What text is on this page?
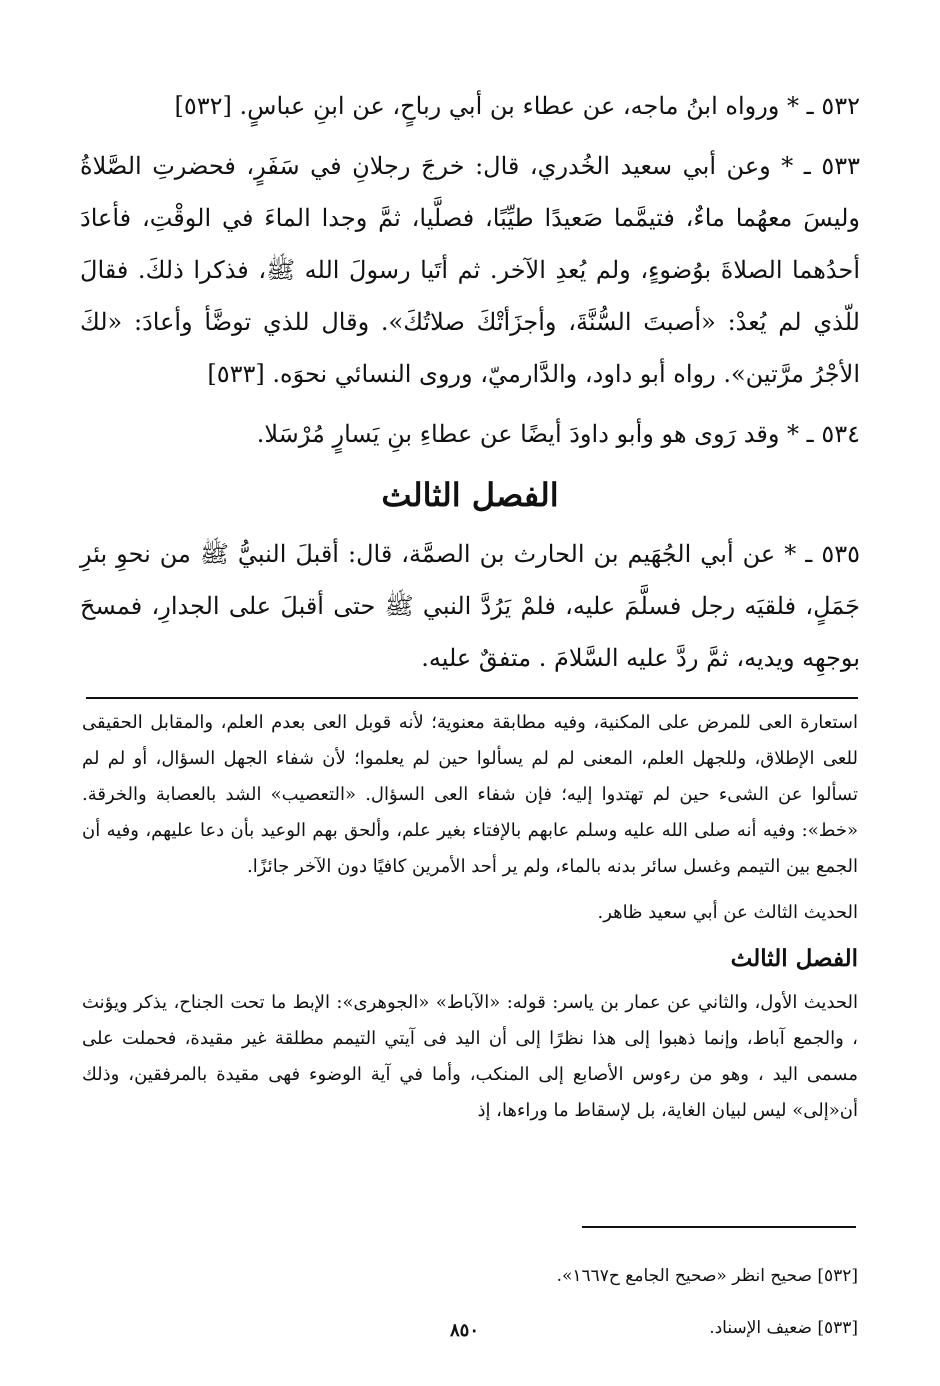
٥٣٢ ـ * ورواه ابنُ ماجه، عن عطاء بن أبي رباحٍ، عن ابنِ عباسٍ. [٥٣٢]

٥٣٣ ـ * وعن أبي سعيد الخُدري، قال: خرجَ رجلانِ في سَفَرٍ، فحضرتِ الصَّلاةُ وليسَ معهُما ماءٌ، فتيمَّما صَعيدًا طيِّبًا، فصلَّيا، ثمَّ وجدا الماءَ في الوقْتِ، فأعادَ أحدُهما الصلاةَ بوُضوءٍ، ولم يُعدِ الآخر. ثم أتَيا رسولَ الله ﷺ، فذكرا ذلكَ. فقالَ للّذي لم يُعدْ: «أصبتَ السُّنَّةَ، وأجزَأتْكَ صلاتُكَ». وقال للذي توضَّأ وأعادَ: «لكَ الأجْرُ مرَّتين». رواه أبو داود، والدَّارميّ، وروى النسائي نحوَه. [٥٣٣]

٥٣٤ ـ * وقد رَوى هو وأبو داودَ أيضًا عن عطاءِ بنِ يَسارٍ مُرْسَلا.

الفصل الثالث

٥٣٥ ـ * عن أبي الجُهَيم بن الحارث بن الصمَّة، قال: أقبلَ النبيُّ ﷺ من نحوِ بئرِ جَمَلٍ، فلقيَه رجل فسلَّمَ عليه، فلمْ يَرُدَّ النبي ﷺ حتى أقبلَ على الجدارِ، فمسحَ بوجهِه ويديه، ثمَّ ردَّ عليه السَّلامَ . متفقٌ عليه.

استعارة العى للمرض على المكنية، وفيه مطابقة معنوية؛ لأنه قوبل العى بعدم العلم، والمقابل الحقيقى للعى الإطلاق، وللجهل العلم، المعنى لم لم يسألوا حين لم يعلموا؛ لأن شفاء الجهل السؤال، أو لم لم تسألوا عن الشىء حين لم تهتدوا إليه؛ فإن شفاء العى السؤال. «التعصيب» الشد بالعصابة والخرقة. «خط»: وفيه أنه صلى الله عليه وسلم عابهم بالإفتاء بغير علم، وألحق بهم الوعيد بأن دعا عليهم، وفيه أن الجمع بين التيمم وغسل سائر بدنه بالماء، ولم ير أحد الأمرين كافيًا دون الآخر جائزًا.

الحديث الثالث عن أبي سعيد ظاهر.

الفصل الثالث

الحديث الأول، والثاني عن عمار بن ياسر: قوله: «الآباط» «الجوهرى»: الإبط ما تحت الجناح، يذكر ويؤنث ، والجمع آباط، وإنما ذهبوا إلى هذا نظرًا إلى أن اليد فى آيتي التيمم مطلقة غير مقيدة، فحملت على مسمى اليد ، وهو من رءوس الأصابع إلى المنكب، وأما في آية الوضوء فهى مقيدة بالمرفقين، وذلك أن«إلى» ليس لبيان الغاية، بل لإسقاط ما وراءها، إذ

[٥٣٢] صحيح انظر «صحيح الجامع ح١٦٦٧».

[٥٣٣] ضعيف الإسناد.

٨٥٠
